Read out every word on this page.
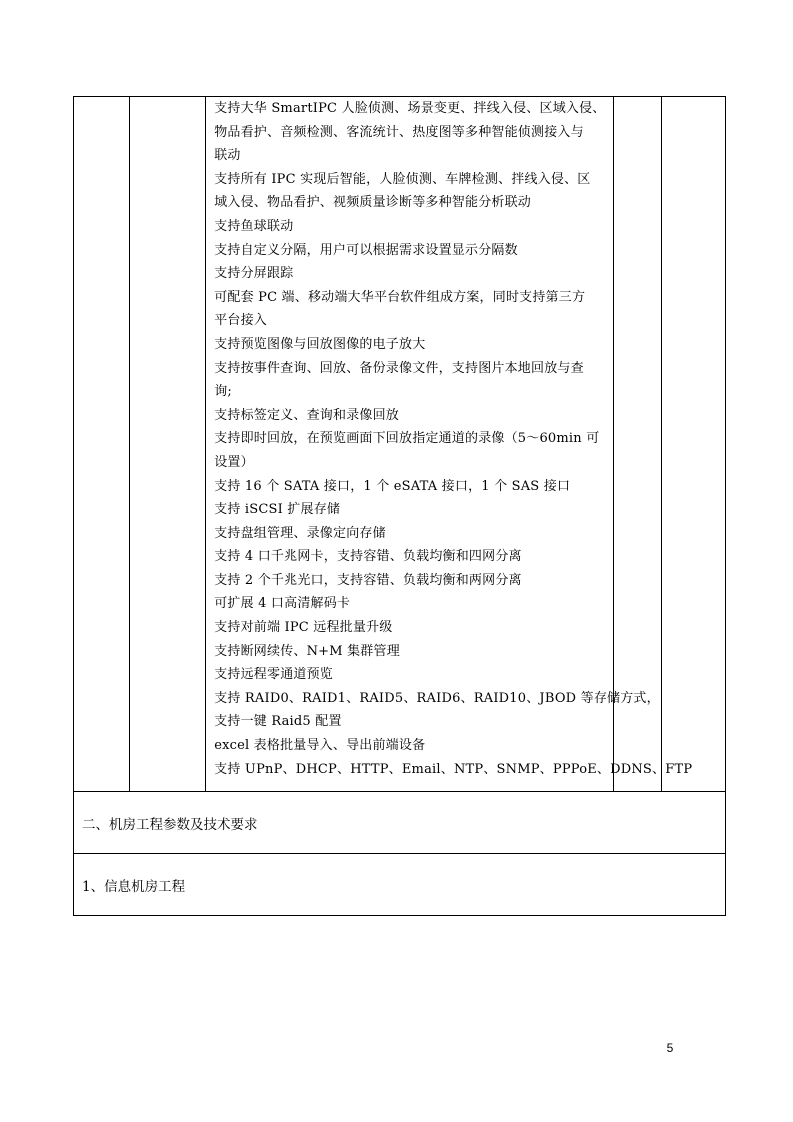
支持大华 SmartIPC 人脸侦测、场景变更、拌线入侵、区域入侵、
物品看护、音频检测、客流统计、热度图等多种智能侦测接入与
联动
支持所有 IPC 实现后智能，人脸侦测、车牌检测、拌线入侵、区
域入侵、物品看护、视频质量诊断等多种智能分析联动
支持鱼球联动
支持自定义分隔，用户可以根据需求设置显示分隔数
支持分屏跟踪
可配套 PC 端、移动端大华平台软件组成方案，同时支持第三方
平台接入
支持预览图像与回放图像的电子放大
支持按事件查询、回放、备份录像文件，支持图片本地回放与查
询;
支持标签定义、查询和录像回放
支持即时回放，在预览画面下回放指定通道的录像（5～60min 可
设置）
支持 16 个 SATA 接口，1 个 eSATA 接口，1 个 SAS 接口
支持 iSCSI 扩展存储
支持盘组管理、录像定向存储
支持 4 口千兆网卡，支持容错、负载均衡和四网分离
支持 2 个千兆光口，支持容错、负载均衡和两网分离
可扩展 4 口高清解码卡
支持对前端 IPC 远程批量升级
支持断网续传、N+M 集群管理
支持远程零通道预览
支持 RAID0、RAID1、RAID5、RAID6、RAID10、JBOD 等存储方式，
支持一键 Raid5 配置
excel 表格批量导入、导出前端设备
支持 UPnP、DHCP、HTTP、Email、NTP、SNMP、PPPoE、DDNS、FTP

二、机房工程参数及技术要求
1、信息机房工程
5
